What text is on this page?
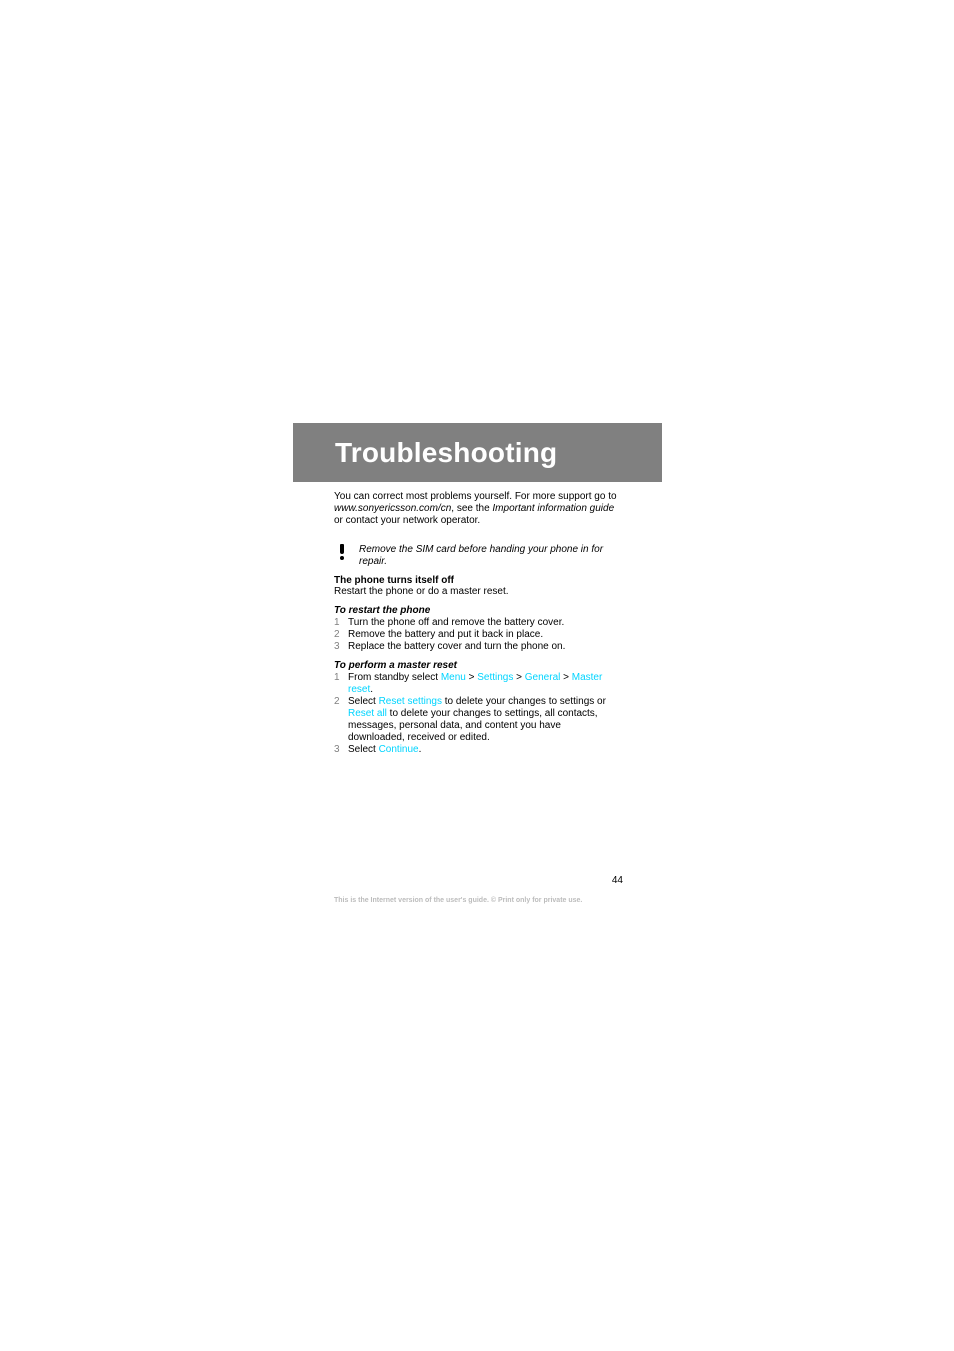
Troubleshooting

You can correct most problems yourself. For more support go to www.sonyericsson.com/cn, see the Important information guide or contact your network operator.

Remove the SIM card before handing your phone in for repair.
The phone turns itself off

Restart the phone or do a master reset.

To restart the phone
1 Turn the phone off and remove the battery cover.
2 Remove the battery and put it back in place.
3 Replace the battery cover and turn the phone on.
To perform a master reset
1 From standby select Menu > Settings > General > Master reset.
2 Select Reset settings to delete your changes to settings or Reset all to delete your changes to settings, all contacts, messages, personal data, and content you have downloaded, received or edited.
3 Select Continue.
44
This is the Internet version of the user's guide. © Print only for private use.
